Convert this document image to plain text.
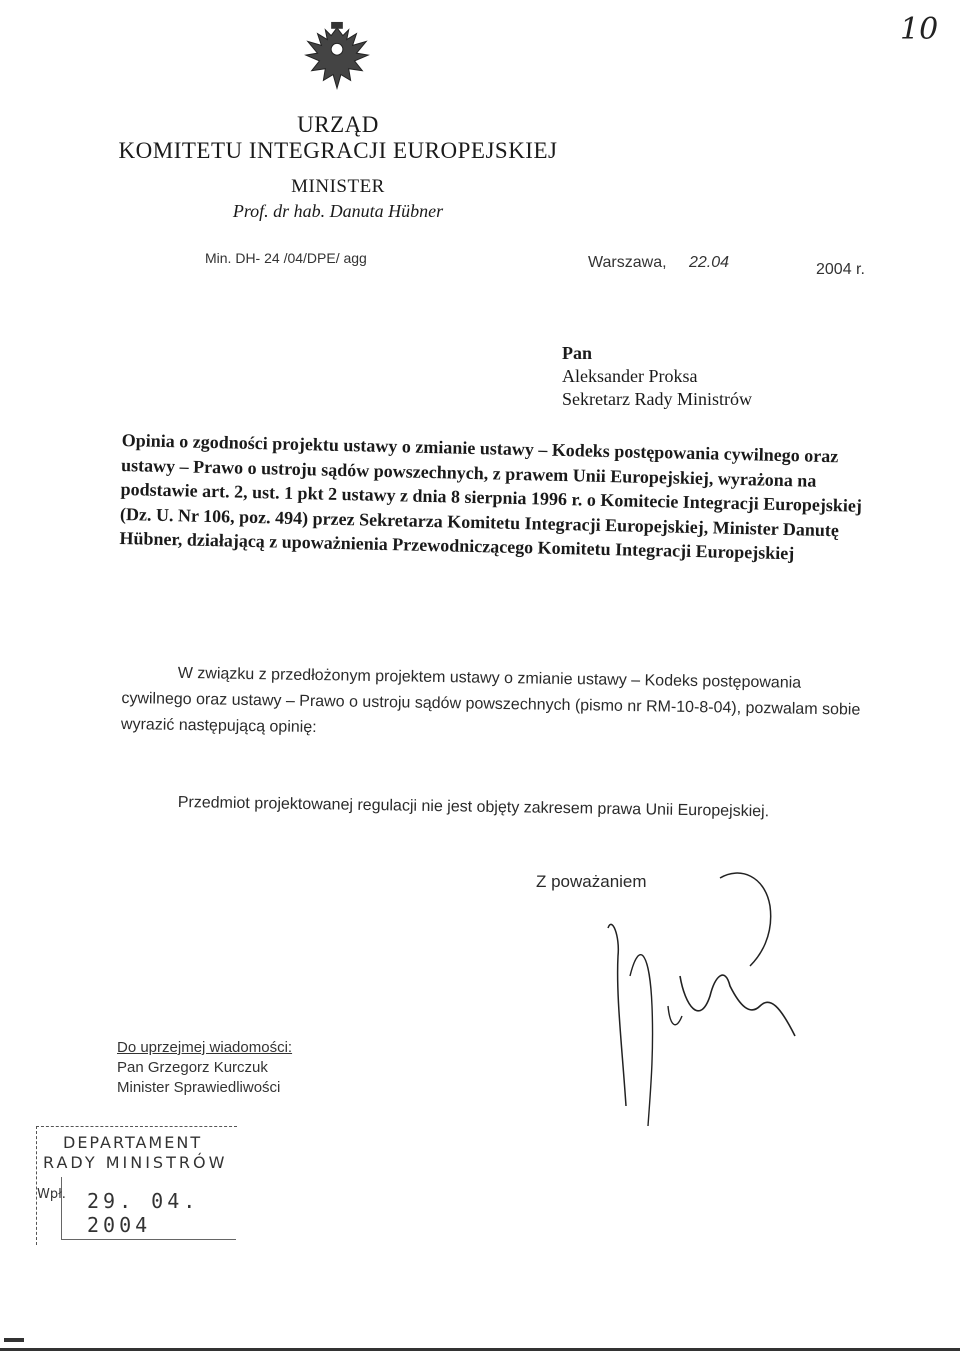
10
URZĄD
KOMITETU INTEGRACJI EUROPEJSKIEJ
MINISTER
Prof. dr hab. Danuta Hübner
Min. DH- 24 /04/DPE/ agg	Warszawa, 22.04	2004 r.
Pan
Aleksander Proksa
Sekretarz Rady Ministrów
Opinia o zgodności projektu ustawy o zmianie ustawy – Kodeks postępowania cywilnego oraz ustawy – Prawo o ustroju sądów powszechnych, z prawem Unii Europejskiej, wyrażona na podstawie art. 2, ust. 1 pkt 2 ustawy z dnia 8 sierpnia 1996 r. o Komitecie Integracji Europejskiej (Dz. U. Nr 106, poz. 494) przez Sekretarza Komitetu Integracji Europejskiej, Minister Danutę Hübner, działającą z upoważnienia Przewodniczącego Komitetu Integracji Europejskiej
W związku z przedłożonym projektem ustawy o zmianie ustawy – Kodeks postępowania
cywilnego oraz ustawy – Prawo o ustroju sądów powszechnych (pismo nr RM-10-8-04), pozwalam sobie wyrazić następującą opinię:
Przedmiot projektowanej regulacji nie jest objęty zakresem prawa Unii Europejskiej.
Z poważaniem
Do uprzejmej wiadomości:
Pan Grzegorz Kurczuk
Minister Sprawiedliwości
DEPARTAMENT
RADY MINISTRÓW
Wpł. 29. 04. 2004
